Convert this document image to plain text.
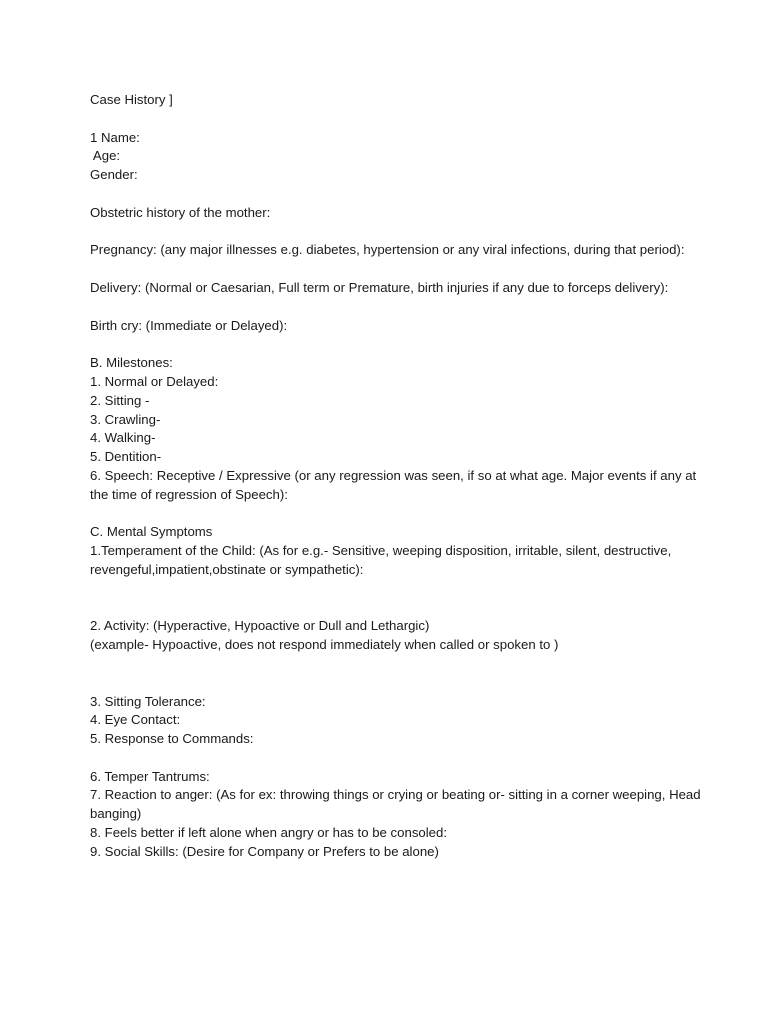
Case History ]
1 Name:
Age:
Gender:
Obstetric history of the mother:
Pregnancy: (any major illnesses e.g. diabetes, hypertension or any viral infections, during that period):
Delivery: (Normal or Caesarian, Full term or Premature, birth injuries if any due to forceps delivery):
Birth cry: (Immediate or Delayed):
B. Milestones:
1. Normal or Delayed:
2. Sitting -
3. Crawling-
4. Walking-
5. Dentition-
6. Speech: Receptive / Expressive (or any regression was seen, if so at what age. Major events if any at the time of regression of Speech):
C. Mental Symptoms
1.Temperament of the Child: (As for e.g.- Sensitive, weeping disposition, irritable, silent, destructive, revengeful,impatient,obstinate or sympathetic):
2. Activity: (Hyperactive, Hypoactive or Dull and Lethargic)
(example- Hypoactive, does not respond immediately when called or spoken to )
3. Sitting Tolerance:
4. Eye Contact:
5. Response to Commands:
6. Temper Tantrums:
7. Reaction to anger: (As for ex: throwing things or crying or beating or- sitting in a corner weeping, Head banging)
8. Feels better if left alone when angry or has to be consoled:
9. Social Skills: (Desire for Company or Prefers to be alone)
